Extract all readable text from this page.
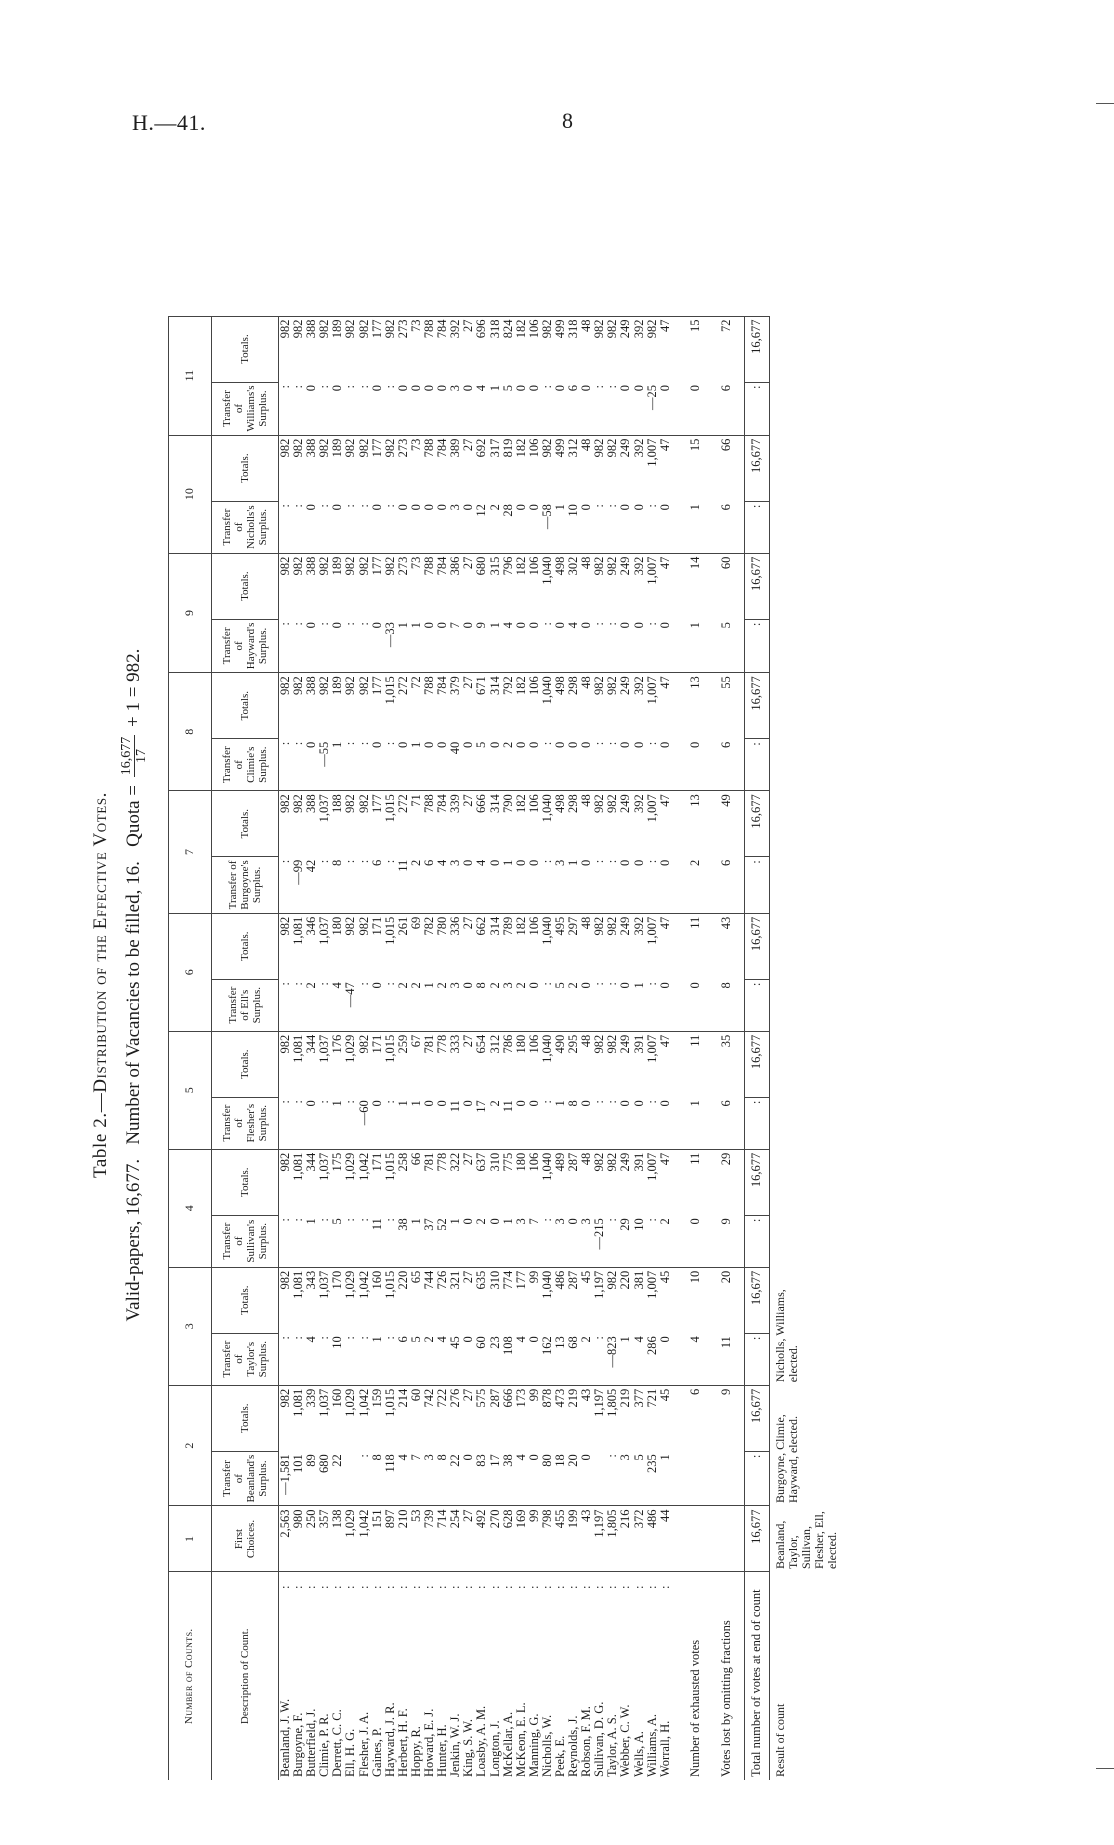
H.—41.	8
Table 2.—Distribution of the Effective Votes.
Valid-papers, 16,677.   Number of Vacancies to be filled, 16.   Quota =
16,677 17
+ 1 = 982.
Number of Counts.		1	2		3		4		5		6		7		8		9		10		11	
Description of Count.		First Choices.	Transfer of Beanland's Surplus.	Totals.	Transfer of Taylor's Surplus.	Totals.	Transfer of Sullivan's Surplus.	Totals.	Transfer of Flesher's Surplus.	Totals.	Transfer of Ell's Surplus.	Totals.	Transfer of Burgoyne's Surplus.	Totals.	Transfer of Climie's Surplus.	Totals.	Transfer of Hayward's Surplus.	Totals.	Transfer of Nicholls's Surplus.	Totals.	Transfer of Williams's Surplus.	Totals.
Beanland, J. W.	:	2,563	—1,581	982	:	982	:	982	:	982	:	982	:	982	:	982	:	982	:	982	:	982
Burgoyne, F.	:	980	101	1,081	:	1,081	:	1,081	:	1,081	:	1,081	—99	982	:	982	:	982	:	982	:	982
Butterfield, J.	:	250	89	339	4	343	1	344	0	344	2	346	42	388	0	388	0	388	0	388	0	388
Climie, P. R.	:	357	680	1,037	:	1,037	:	1,037	:	1,037	:	1,037	:	1,037	—55	982	:	982	:	982	:	982
Derrett, C. C.	:	138	22	160	10	170	5	175	1	176	4	180	8	188	1	189	0	189	0	189	0	189
Ell, H. G.	:	1,029		1,029	:	1,029	:	1,029	:	1,029	—47	982	:	982	:	982	:	982	:	982	:	982
Flesher, J. A.	:	1,042	:	1,042	:	1,042	:	1,042	—60	982	:	982	:	982	:	982	:	982	:	982	:	982
Gaines, P.	:	151	8	159	1	160	11	171	0	171	0	171	6	177	0	177	0	177	0	177	0	177
Hayward, J. R.	:	897	118	1,015	:	1,015	:	1,015	:	1,015	:	1,015	:	1,015	:	1,015	—33	982	:	982	:	982
Herbert, H. F.	:	210	4	214	6	220	38	258	1	259	2	261	11	272	0	272	1	273	0	273	0	273
Hoppy, R.	:	53	7	60	5	65	1	66	1	67	2	69	2	71	1	72	1	73	0	73	0	73
Howard, E. J.	:	739	3	742	2	744	37	781	0	781	1	782	6	788	0	788	0	788	0	788	0	788
Hunter, H.	:	714	8	722	4	726	52	778	0	778	2	780	4	784	0	784	0	784	0	784	0	784
Jenkin, W. J.	:	254	22	276	45	321	1	322	11	333	3	336	3	339	40	379	7	386	3	389	3	392
King, S. W.	:	27	0	27	0	27	0	27	0	27	0	27	0	27	0	27	0	27	0	27	0	27
Loasby, A. M.	:	492	83	575	60	635	2	637	17	654	8	662	4	666	5	671	9	680	12	692	4	696
Longton, J.	:	270	17	287	23	310	0	310	2	312	2	314	0	314	0	314	1	315	2	317	1	318
McKellar, A.	:	628	38	666	108	774	1	775	11	786	3	789	1	790	2	792	4	796	28	819	5	824
McKeon, E. L.	:	169	4	173	4	177	3	180	0	180	2	182	0	182	0	182	0	182	0	182	0	182
Manning, G.	:	99	0	99	0	99	7	106	0	106	0	106	0	106	0	106	0	106	0	106	0	106
Nicholls, W.	:	798	80	878	162	1,040	:	1,040	:	1,040	:	1,040	:	1,040	:	1,040	:	1,040	—58	982	:	982
Peek, E.	:	455	18	473	13	486	3	489	1	490	5	495	3	498	0	498	0	498	1	499	0	499
Reynolds, J.	:	199	20	219	68	287	0	287	8	295	2	297	1	298	0	298	4	302	10	312	6	318
Robson, F. M.	:	43	0	43	2	45	3	48	0	48	0	48	0	48	0	48	0	48	0	48	0	48
Sullivan, D. G.	:	1,197		1,197	:	1,197	—215	982	:	982	:	982	:	982	:	982	:	982	:	982	:	982
Taylor, A. S.	:	1,805	:	1,805	—823	982	:	982	:	982	:	982	:	982	:	982	:	982	:	982	:	982
Webber, C. W.	:	216	3	219	1	220	29	249	0	249	0	249	0	249	0	249	0	249	0	249	0	249
Wells, A.	:	372	5	377	4	381	10	391	0	391	1	392	0	392	0	392	0	392	0	392	0	392
Williams, A.	:	486	235	721	286	1,007	:	1,007	:	1,007	:	1,007	:	1,007	:	1,007	:	1,007	:	1,007	—25	982
Worrall, H.	:	44	1	45	0	45	2	47	0	47	0	47	0	47	0	47	0	47	0	47	0	47

Number of exhausted votes				6	4	10	0	11	1	11	0	11	2	13	0	13	1	14	1	15	0	15
Votes lost by omitting fractions				9	11	20	9	29	6	35	8	43	6	49	6	55	5	60	6	66	6	72
Total number of votes at end of count		16,677	:	16,677	:	16,677	:	16,677	:	16,677	:	16,677	:	16,677	:	16,677	:	16,677	:	16,677	:	16,677
Result of count		Beanland, Taylor, Sullivan, Flesher, Ell, elected.	Burgoyne, Climie, Hayward, elected.		Nicholls, Williams, elected.																	
